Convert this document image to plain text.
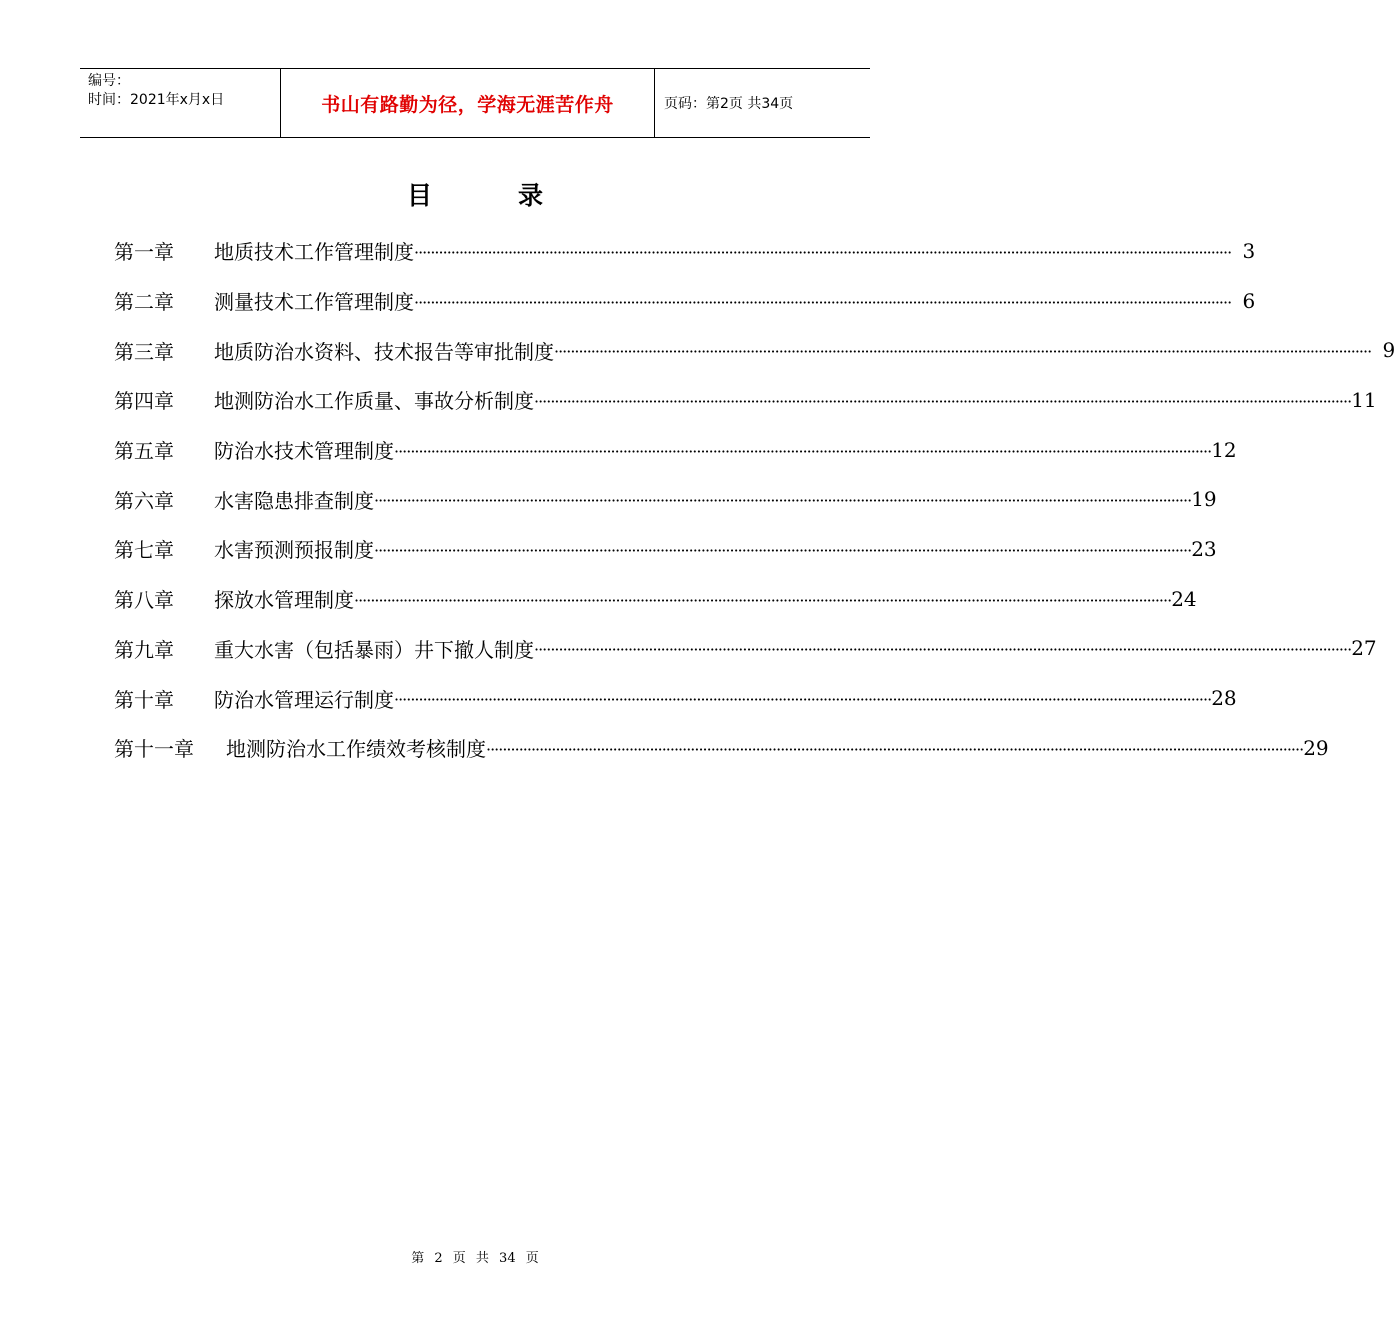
编号：
时间：2021年x月x日	书山有路勤为径，学海无涯苦作舟	页码：第2页 共34页
目	录
第一章	地质技术工作管理制度 ········································································································································································································ 3
第二章	测量技术工作管理制度 ········································································································································································································ 6
第三章	地质防治水资料、技术报告等审批制度 ········································································································································································································ 9
第四章	地测防治水工作质量、事故分析制度 ········································································································································································································ 11
第五章	防治水技术管理制度 ········································································································································································································ 12
第六章	水害隐患排查制度 ········································································································································································································ 19
第七章	水害预测预报制度 ········································································································································································································ 23
第八章	探放水管理制度 ········································································································································································································ 24
第九章	重大水害（包括暴雨）井下撤人制度 ········································································································································································································ 27
第十章	防治水管理运行制度 ········································································································································································································ 28
第十一章	地测防治水工作绩效考核制度 ········································································································································································································ 29
第 2 页 共 34 页
